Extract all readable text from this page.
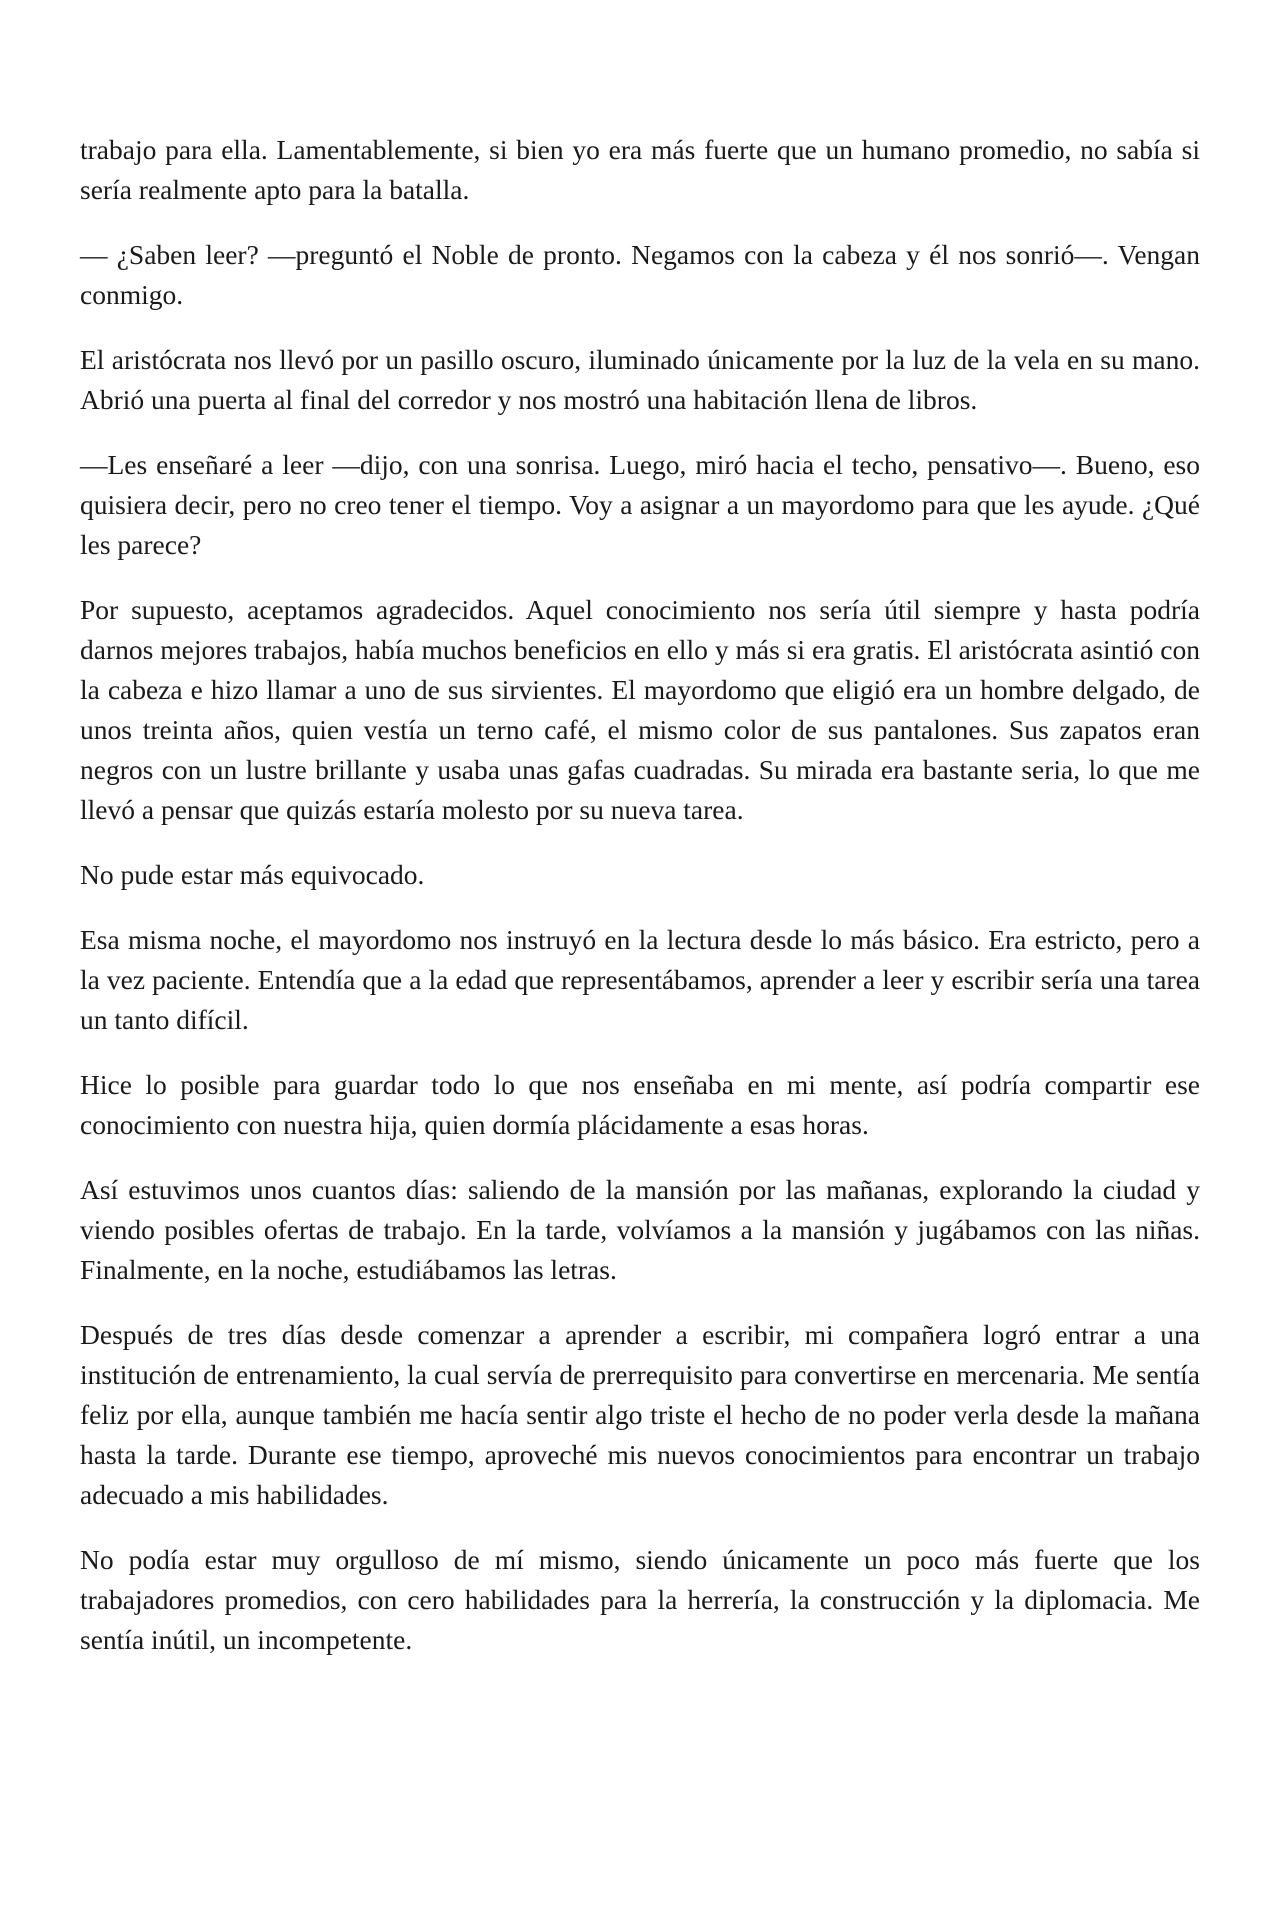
trabajo para ella. Lamentablemente, si bien yo era más fuerte que un humano promedio, no sabía si sería realmente apto para la batalla.

— ¿Saben leer? —preguntó el Noble de pronto. Negamos con la cabeza y él nos sonrió—. Vengan conmigo.

El aristócrata nos llevó por un pasillo oscuro, iluminado únicamente por la luz de la vela en su mano. Abrió una puerta al final del corredor y nos mostró una habitación llena de libros.

—Les enseñaré a leer —dijo, con una sonrisa. Luego, miró hacia el techo, pensativo—. Bueno, eso quisiera decir, pero no creo tener el tiempo. Voy a asignar a un mayordomo para que les ayude. ¿Qué les parece?

Por supuesto, aceptamos agradecidos. Aquel conocimiento nos sería útil siempre y hasta podría darnos mejores trabajos, había muchos beneficios en ello y más si era gratis. El aristócrata asintió con la cabeza e hizo llamar a uno de sus sirvientes. El mayordomo que eligió era un hombre delgado, de unos treinta años, quien vestía un terno café, el mismo color de sus pantalones. Sus zapatos eran negros con un lustre brillante y usaba unas gafas cuadradas. Su mirada era bastante seria, lo que me llevó a pensar que quizás estaría molesto por su nueva tarea.

No pude estar más equivocado.

Esa misma noche, el mayordomo nos instruyó en la lectura desde lo más básico. Era estricto, pero a la vez paciente. Entendía que a la edad que representábamos, aprender a leer y escribir sería una tarea un tanto difícil.

Hice lo posible para guardar todo lo que nos enseñaba en mi mente, así podría compartir ese conocimiento con nuestra hija, quien dormía plácidamente a esas horas.

Así estuvimos unos cuantos días: saliendo de la mansión por las mañanas, explorando la ciudad y viendo posibles ofertas de trabajo. En la tarde, volvíamos a la mansión y jugábamos con las niñas. Finalmente, en la noche, estudiábamos las letras.

Después de tres días desde comenzar a aprender a escribir, mi compañera logró entrar a una institución de entrenamiento, la cual servía de prerrequisito para convertirse en mercenaria. Me sentía feliz por ella, aunque también me hacía sentir algo triste el hecho de no poder verla desde la mañana hasta la tarde. Durante ese tiempo, aproveché mis nuevos conocimientos para encontrar un trabajo adecuado a mis habilidades.

No podía estar muy orgulloso de mí mismo, siendo únicamente un poco más fuerte que los trabajadores promedios, con cero habilidades para la herrería, la construcción y la diplomacia. Me sentía inútil, un incompetente.
